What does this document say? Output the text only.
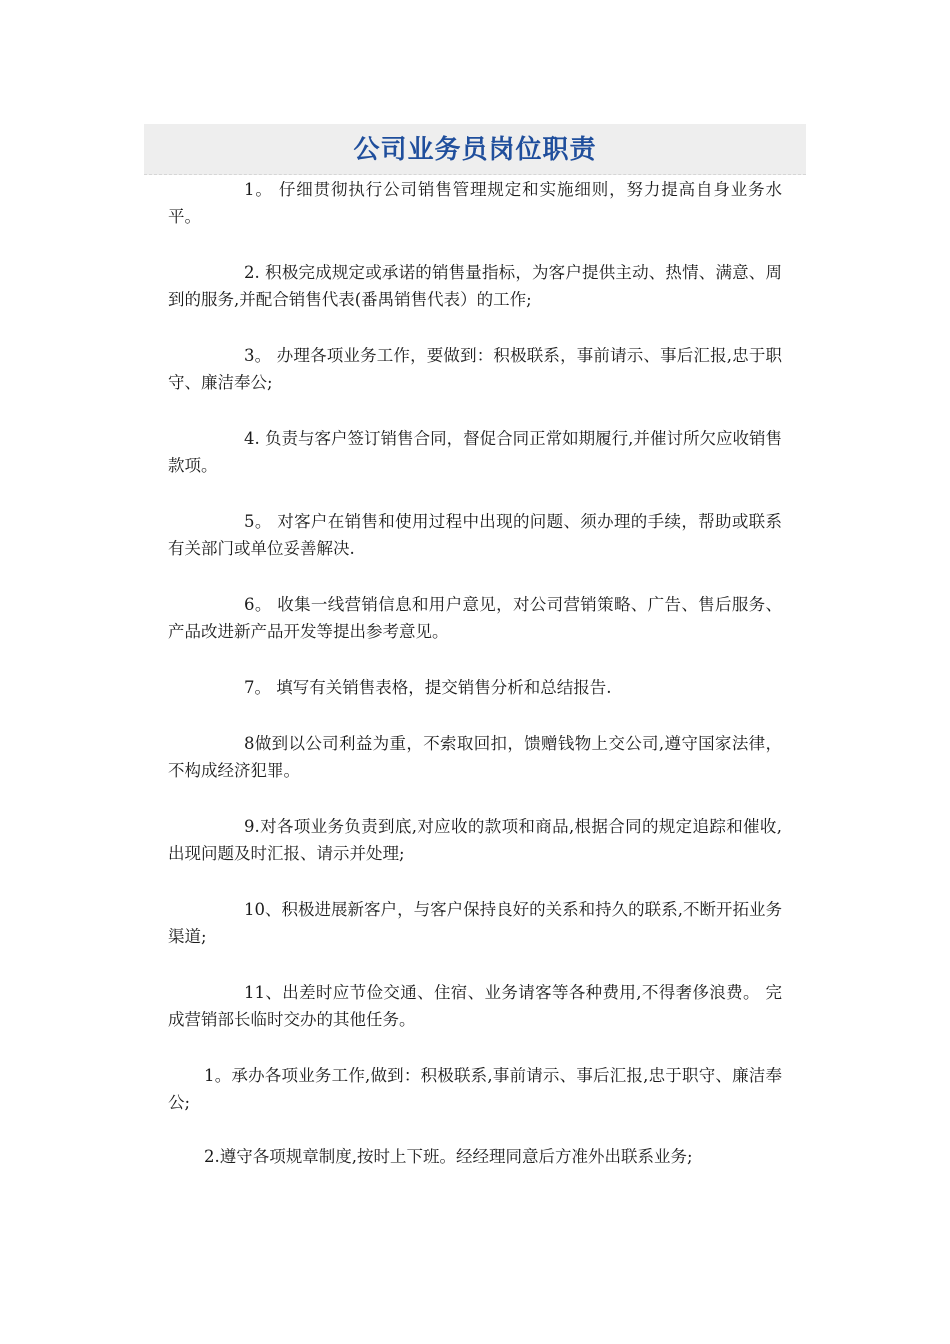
公司业务员岗位职责

1。 仔细贯彻执行公司销售管理规定和实施细则，努力提高自身业务水平。

2. 积极完成规定或承诺的销售量指标，为客户提供主动、热情、满意、周到的服务,并配合销售代表(番禺销售代表）的工作;

3。 办理各项业务工作，要做到：积极联系，事前请示、事后汇报,忠于职守、廉洁奉公;

4. 负责与客户签订销售合同，督促合同正常如期履行,并催讨所欠应收销售款项。

5。 对客户在销售和使用过程中出现的问题、须办理的手续，帮助或联系有关部门或单位妥善解决.

6。 收集一线营销信息和用户意见，对公司营销策略、广告、售后服务、产品改进新产品开发等提出参考意见。

7。 填写有关销售表格，提交销售分析和总结报告.

8做到以公司利益为重，不索取回扣，馈赠钱物上交公司,遵守国家法律，不构成经济犯罪。

9.对各项业务负责到底,对应收的款项和商品,根据合同的规定追踪和催收,出现问题及时汇报、请示并处理;

10、积极进展新客户，与客户保持良好的关系和持久的联系,不断开拓业务渠道;

11、出差时应节俭交通、住宿、业务请客等各种费用,不得奢侈浪费。 完成营销部长临时交办的其他任务。

1。承办各项业务工作,做到：积极联系,事前请示、事后汇报,忠于职守、廉洁奉公;

2.遵守各项规章制度,按时上下班。经经理同意后方准外出联系业务;
